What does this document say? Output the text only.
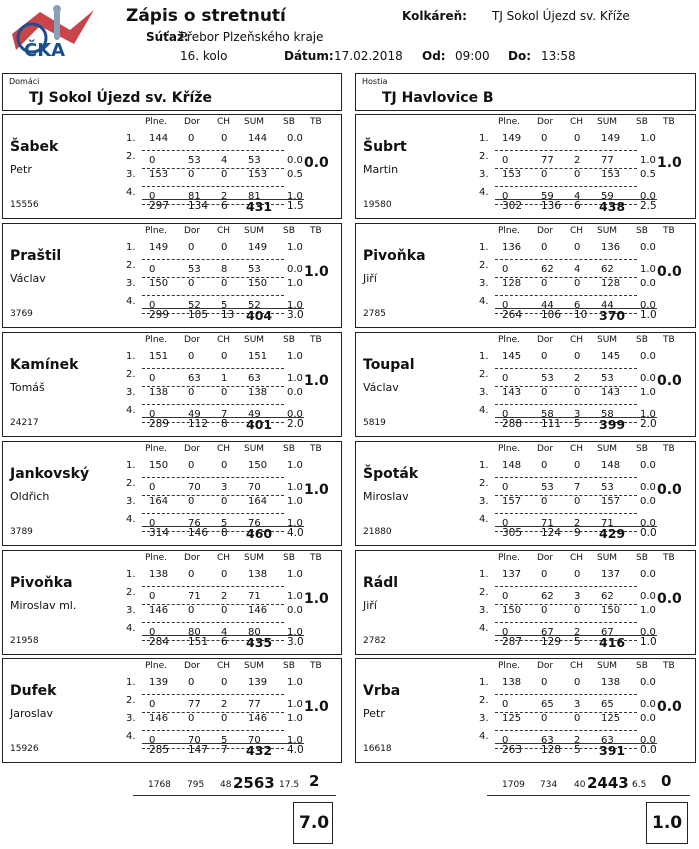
ČKA
Zápis o stretnutí	Kolkáreň: TJ Sokol Újezd sv. Kříže
Súťaž:
Přebor Plzeňského kraje
16. kolo	Dátum: 17.02.2018 Od: 09:00 Do: 13:58
Domáci
TJ Sokol Újezd sv. Kříže
Hostia
TJ Havlovice B
Šabek
Petr
15556
Plne. Dor CH SUM SB TB
1. 144 0	0 144 0.0
2. 0	53 4 53	0.0
3. 153 0	0 153 0.5
4. 0	81 2 81	1.0
297 134 6 431 1.5
0.0
Praštil
Václav
3769
Plne. Dor CH SUM SB TB
1. 149 0	0 149 1.0
2. 0	53 8 53	0.0
3. 150 0	0 150 1.0
4. 0	52 5 52	1.0
299 105 13 404 3.0
1.0
Kamínek
Tomáš
24217
Plne. Dor CH SUM SB TB
1. 151 0	0 151 1.0
2. 0	63 1 63	1.0
3. 138 0	0 138 0.0
4. 0	49 7 49	0.0
289 112 8 401 2.0
1.0
Jankovský
Oldřich
3789
Plne. Dor CH SUM SB TB
1. 150 0	0 150 1.0
2. 0	70 3 70	1.0
3. 164 0	0 164 1.0
4. 0	76 5 76	1.0
314 146 8 460 4.0
1.0
Pivoňka
Miroslav ml.
21958
Plne. Dor CH SUM SB TB
1. 138 0	0 138 1.0
2. 0	71 2 71	1.0
3. 146 0	0 146 0.0
4. 0	80 4 80	1.0
284 151 6 435 3.0
1.0
Dufek
Jaroslav
15926
Plne. Dor CH SUM SB TB
1. 139 0	0 139 1.0
2. 0	77 2 77	1.0
3. 146 0	0 146 1.0
4. 0	70 5 70	1.0
285 147 7 432 4.0
1.0
Šubrt
Martin
19580
Plne. Dor CH SUM SB TB
1. 149 0	0 149 1.0
2. 0	77 2 77	1.0
3. 153 0	0 153 0.5
4. 0	59 4 59	0.0
302 136 6 438 2.5
1.0
Pivoňka
Jiří
2785
Plne. Dor CH SUM SB TB
1. 136 0	0 136 0.0
2. 0	62 4 62	1.0
3. 128 0	0 128 0.0
4. 0	44 6 44	0.0
264 106 10 370 1.0
0.0
Toupal
Václav
5819
Plne. Dor CH SUM SB TB
1. 145 0	0 145 0.0
2. 0	53 2 53	0.0
3. 143 0	0 143 1.0
4. 0	58 3 58	1.0
288 111 5 399 2.0
0.0
Špoták
Miroslav
21880
Plne. Dor CH SUM SB TB
1. 148 0	0 148 0.0
2. 0	53 7 53	0.0
3. 157 0	0 157 0.0
4. 0	71 2 71	0.0
305 124 9 429 0.0
0.0
Rádl
Jiří
2782
Plne. Dor CH SUM SB TB
1. 137 0	0 137 0.0
2. 0	62 3 62	0.0
3. 150 0	0 150 1.0
4. 0	67 2 67	0.0
287 129 5 416 1.0
0.0
Vrba
Petr
16618
Plne. Dor CH SUM SB TB
1. 138 0	0 138 0.0
2. 0	65 3 65	0.0
3. 125 0	0 125 0.0
4. 0	63 2 63	0.0
263 128 5 391 0.0
0.0
1768 795 48 2563 17.5 2
7.0
1709 734 40 2443 6.5 0
1.0
